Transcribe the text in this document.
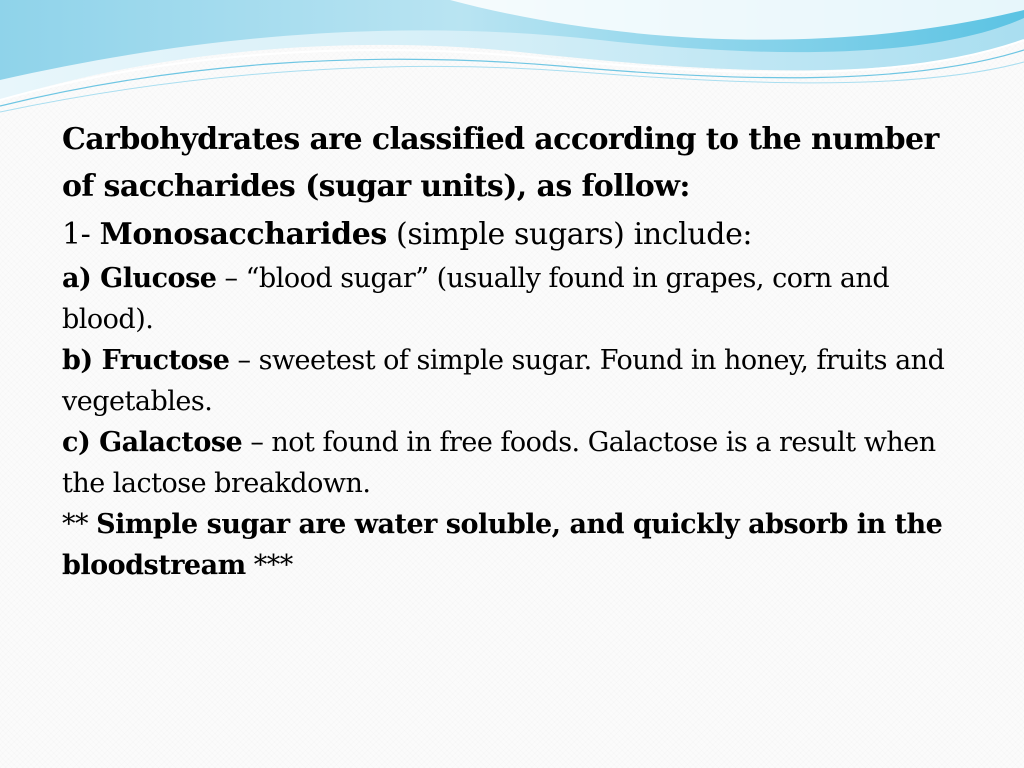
Carbohydrates are classified according to the number of saccharides (sugar units), as follow:

1- Monosaccharides (simple sugars) include:

a) Glucose – “blood sugar” (usually found in grapes, corn and blood).

b) Fructose – sweetest of simple sugar. Found in honey, fruits and vegetables.

c) Galactose – not found in free foods. Galactose is a result when the lactose breakdown.

** Simple sugar are water soluble, and quickly absorb in the bloodstream ***
